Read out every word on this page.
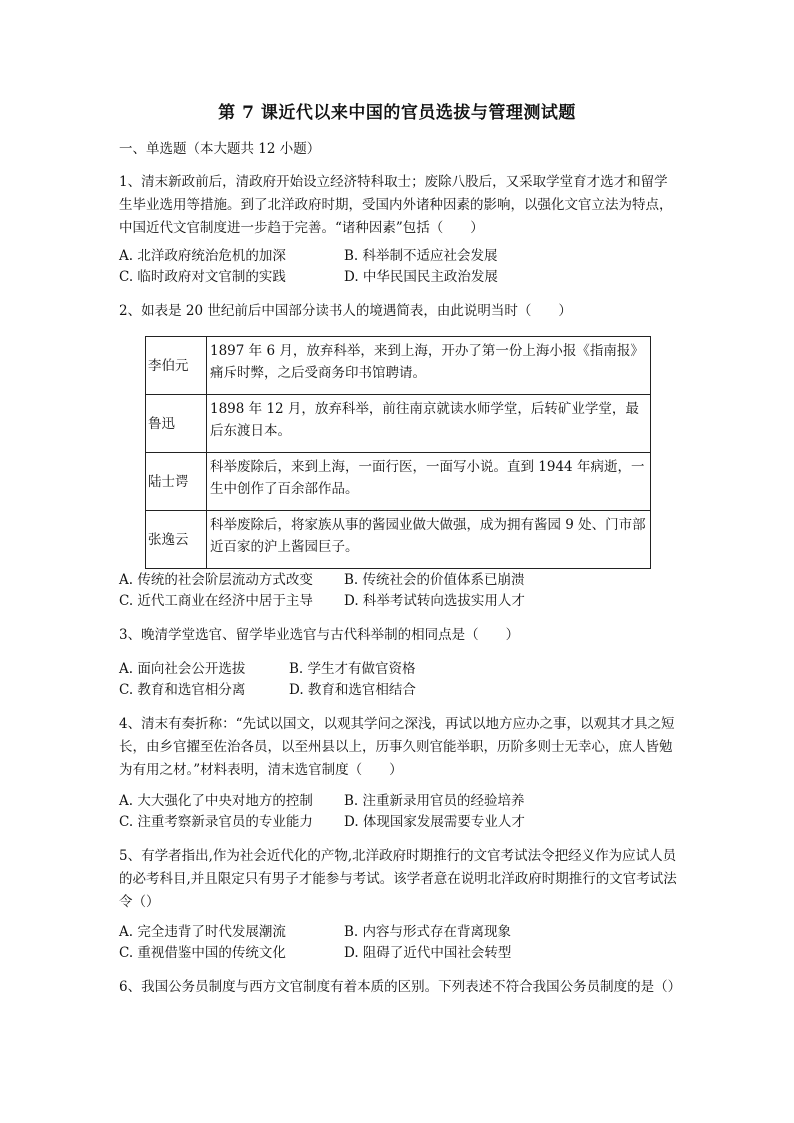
第 7 课近代以来中国的官员选拔与管理测试题
一、单选题（本大题共 12 小题）
1、清末新政前后，清政府开始设立经济特科取士；废除八股后，又采取学堂育才选才和留学生毕业选用等措施。到了北洋政府时期，受国内外诸种因素的影响，以强化文官立法为特点，中国近代文官制度进一步趋于完善。“诸种因素”包括（　　）
A. 北洋政府统治危机的加深	B. 科举制不适应社会发展
C. 临时政府对文官制的实践	D. 中华民国民主政治发展
2、如表是 20 世纪前后中国部分读书人的境遇简表，由此说明当时（　　）
李伯元	1897 年 6 月，放弃科举，来到上海，开办了第一份上海小报《指南报》痛斥时弊，之后受商务印书馆聘请。
鲁迅	1898 年 12 月，放弃科举，前往南京就读水师学堂，后转矿业学堂，最后东渡日本。
陆士谔	科举废除后，来到上海，一面行医，一面写小说。直到 1944 年病逝，一生中创作了百余部作品。
张逸云	科举废除后，将家族从事的酱园业做大做强，成为拥有酱园 9 处、门市部近百家的沪上酱园巨子。
A. 传统的社会阶层流动方式改变	B. 传统社会的价值体系已崩溃
C. 近代工商业在经济中居于主导	D. 科举考试转向选拔实用人才
3、晚清学堂选官、留学毕业选官与古代科举制的相同点是（　　）
A. 面向社会公开选拔	B. 学生才有做官资格
C. 教育和选官相分离	D. 教育和选官相结合
4、清末有奏折称：“先试以国文，以观其学问之深浅，再试以地方应办之事，以观其才具之短长，由乡官擢至佐治各员，以至州县以上，历事久则官能举职，历阶多则士无幸心，庶人皆勉为有用之材。”材料表明，清末选官制度（　　）
A. 大大强化了中央对地方的控制	B. 注重新录用官员的经验培养
C. 注重考察新录官员的专业能力	D. 体现国家发展需要专业人才
5、有学者指出,作为社会近代化的产物,北洋政府时期推行的文官考试法令把经义作为应试人员的必考科目,并且限定只有男子才能参与考试。该学者意在说明北洋政府时期推行的文官考试法令（）
A. 完全违背了时代发展潮流	B. 内容与形式存在背离现象
C. 重视借鉴中国的传统文化	D. 阻碍了近代中国社会转型
6、我国公务员制度与西方文官制度有着本质的区别。下列表述不符合我国公务员制度的是（）
